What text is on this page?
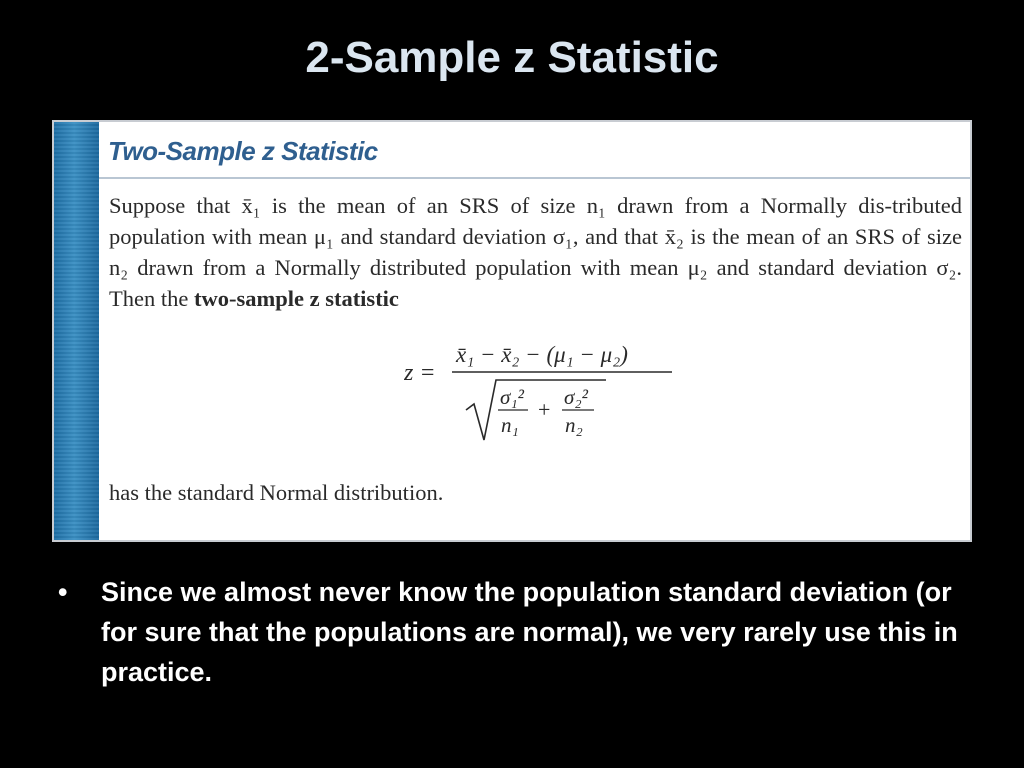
2-Sample z Statistic
Two-Sample z Statistic
Suppose that x̄₁ is the mean of an SRS of size n₁ drawn from a Normally dis-tributed population with mean μ₁ and standard deviation σ₁, and that x̄₂ is the mean of an SRS of size n₂ drawn from a Normally distributed population with mean μ₂ and standard deviation σ₂. Then the two-sample z statistic
z =
x̄₁ − x̄₂ − (μ₁ − μ₂)
σ₁²
n₁
+ σ₂²
n₂
has the standard Normal distribution.
• Since we almost never know the population standard deviation (or for sure that the populations are normal), we very rarely use this in practice.
